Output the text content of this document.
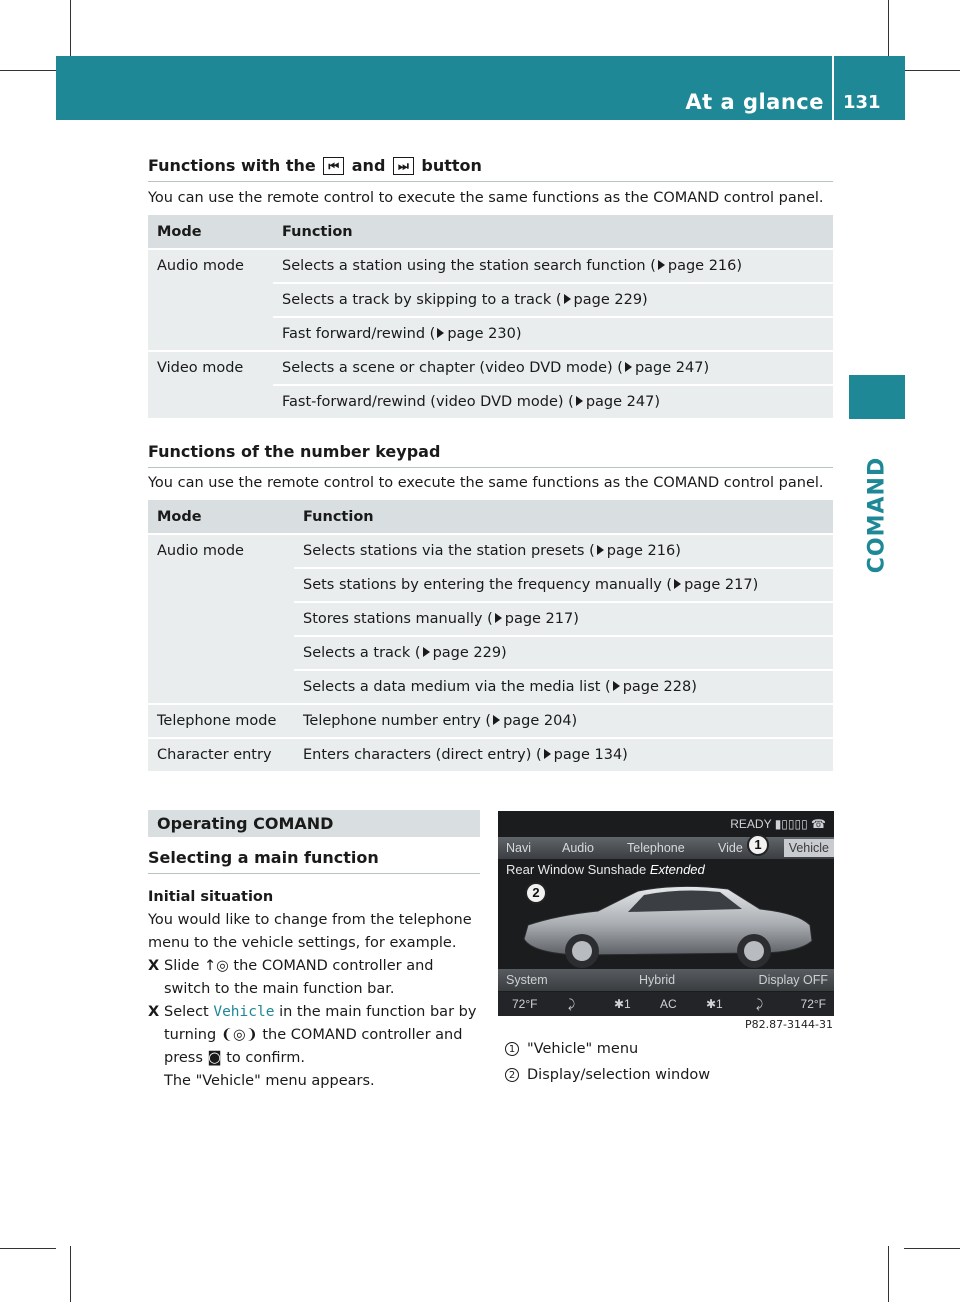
At a glance 131
COMAND
Functions with the ⏮ and ⏭ button
You can use the remote control to execute the same functions as the COMAND control panel.
Mode	Function
Audio mode	Selects a station using the station search function ( page 216)
	Selects a track by skipping to a track ( page 229)
	Fast forward/rewind ( page 230)
Video mode	Selects a scene or chapter (video DVD mode) ( page 247)
	Fast-forward/rewind (video DVD mode) ( page 247)
Functions of the number keypad
You can use the remote control to execute the same functions as the COMAND control panel.
Mode	Function
Audio mode	Selects stations via the station presets ( page 216)
	Sets stations by entering the frequency manually ( page 217)
	Stores stations manually ( page 217)
	Selects a track ( page 229)
	Selects a data medium via the media list ( page 228)
Telephone mode	Telephone number entry ( page 204)
Character entry	Enters characters (direct entry) ( page 134)
Operating COMAND
Selecting a main function
Initial situation
You would like to change from the telephone menu to the vehicle settings, for example.
X Slide ↑◎ the COMAND controller and switch to the main function bar.
X Select Vehicle in the main function bar by turning ❨◎❩ the COMAND controller and press ◙ to confirm.
The "Vehicle" menu appears.
READY ▮▯▯▯▯ ☎
Navi Audio	Telephone	Vide	Vehicle
Rear Window Sunshade Extended
2
1
System	Hybrid	Display OFF
72°F	⤸	✱1 AC ✱1	⤸	72°F
P82.87-3144-31
1 "Vehicle" menu
2 Display/selection window
